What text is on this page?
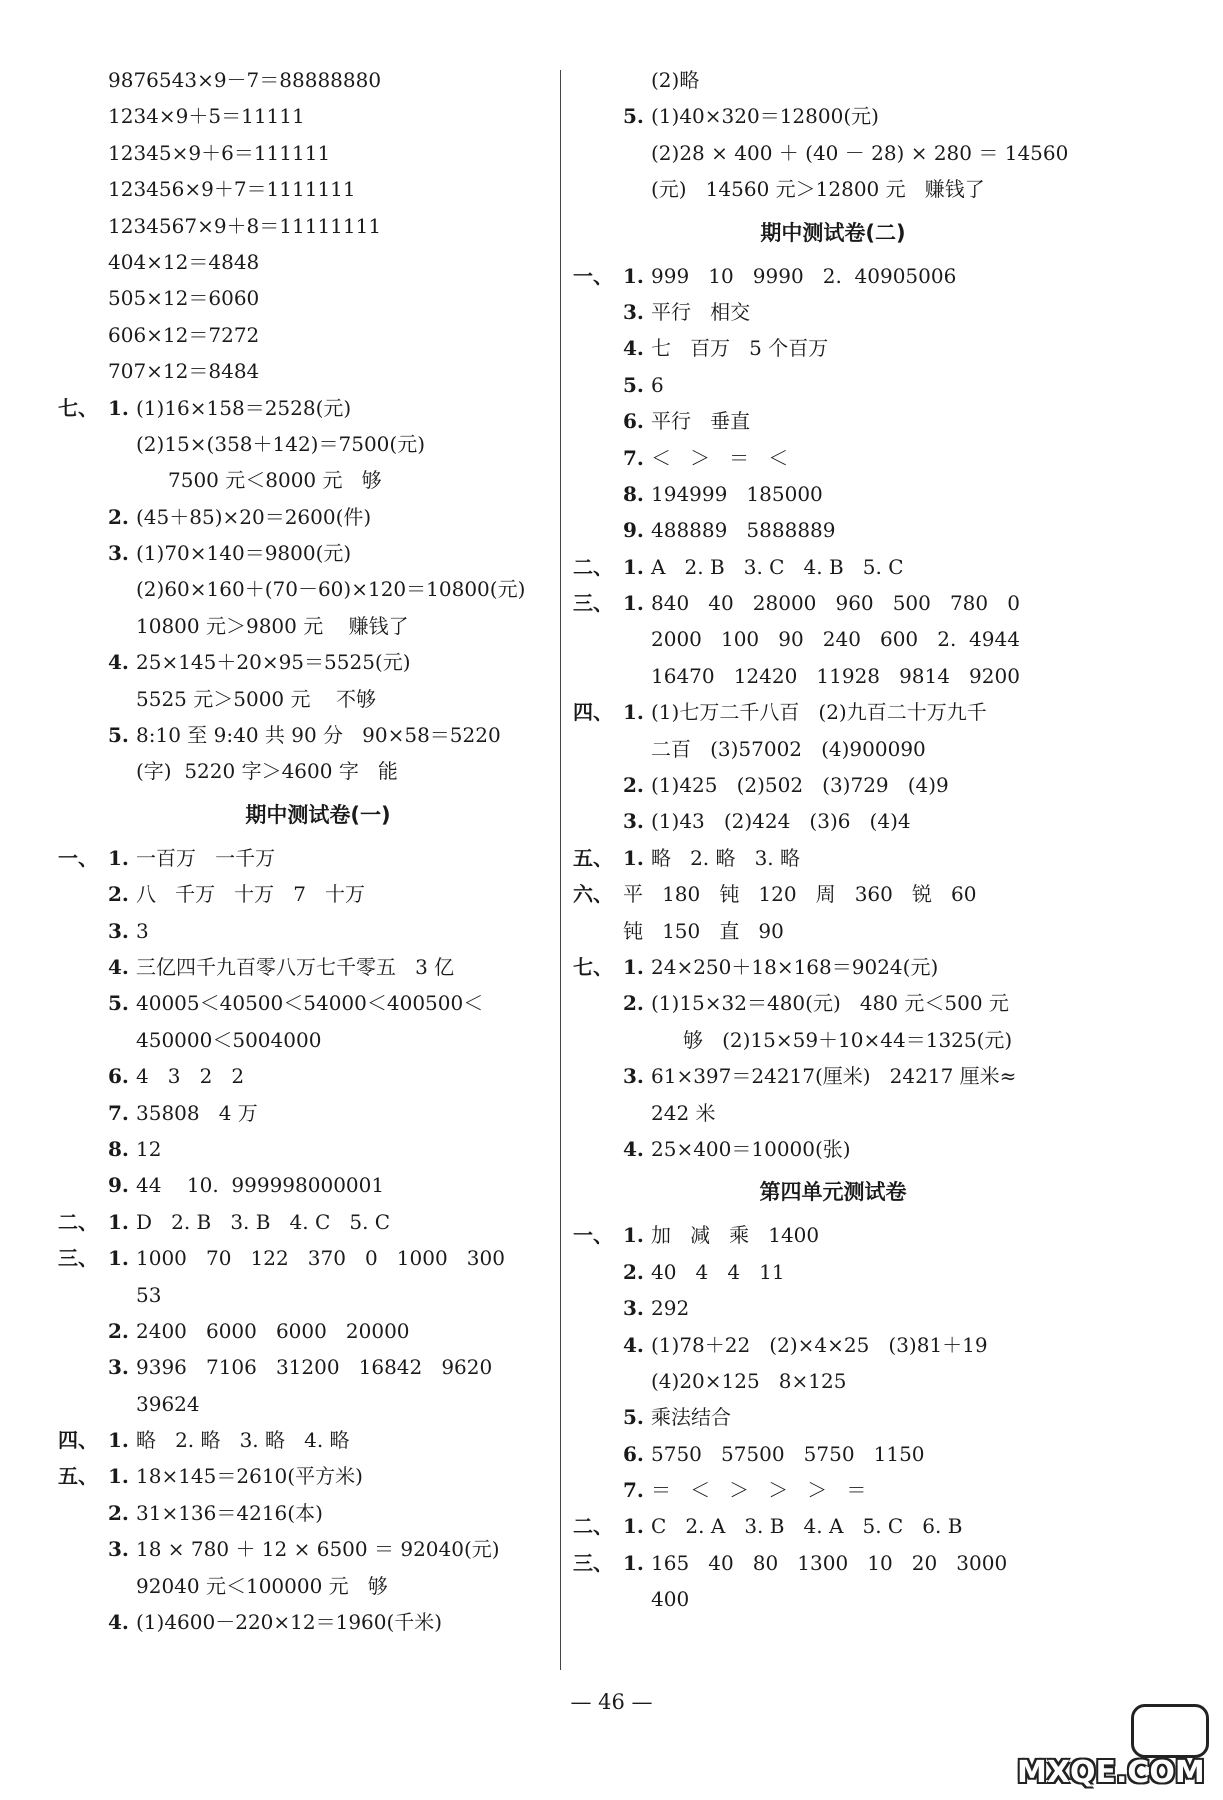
9876543×9－7＝88888880
1234×9＋5＝11111
12345×9＋6＝111111
123456×9＋7＝1111111
1234567×9＋8＝11111111
404×12＝4848
505×12＝6060
606×12＝7272
707×12＝8484
七、 1. (1)16×158＝2528(元)
(2)15×(358＋142)＝7500(元)
7500 元＜8000 元   够
2. (45＋85)×20＝2600(件)
3. (1)70×140＝9800(元)
(2)60×160＋(70－60)×120＝10800(元)
10800 元＞9800 元    赚钱了
4. 25×145＋20×95＝5525(元)
5525 元＞5000 元    不够
5. 8:10 至 9:40 共 90 分   90×58＝5220
(字)  5220 字＞4600 字   能
期中测试卷(一)
一、 1. 一百万   一千万
2. 八   千万   十万   7   十万
3. 3
4. 三亿四千九百零八万七千零五   3 亿
5. 40005＜40500＜54000＜400500＜
450000＜5004000
6. 4   3   2   2
7. 35808   4 万
8. 12
9. 44    10.  999998000001
二、 1. D   2. B   3. B   4. C   5. C
三、 1. 1000   70   122   370   0   1000   300
53
2. 2400   6000   6000   20000
3. 9396   7106   31200   16842   9620
39624
四、 1. 略   2. 略   3. 略   4. 略
五、 1. 18×145＝2610(平方米)
2. 31×136＝4216(本)
3. 18 × 780 ＋ 12 × 6500 ＝ 92040(元)
92040 元＜100000 元   够
4. (1)4600－220×12＝1960(千米)
(2)略
5. (1)40×320＝12800(元)
(2)28 × 400 ＋ (40 － 28) × 280 ＝ 14560
(元)   14560 元＞12800 元   赚钱了
期中测试卷(二)
一、 1. 999   10   9990   2.  40905006
3. 平行   相交
4. 七   百万   5 个百万
5. 6
6. 平行   垂直
7. ＜   ＞   ＝   ＜
8. 194999   185000
9. 488889   5888889
二、 1. A   2. B   3. C   4. B   5. C
三、 1. 840   40   28000   960   500   780   0
2000   100   90   240   600   2.  4944
16470   12420   11928   9814   9200
四、 1. (1)七万二千八百   (2)九百二十万九千
二百   (3)57002   (4)900090
2. (1)425   (2)502   (3)729   (4)9
3. (1)43   (2)424   (3)6   (4)4
五、 1. 略   2. 略   3. 略
六、 平   180   钝   120   周   360   锐   60
钝   150   直   90
七、 1. 24×250＋18×168＝9024(元)
2. (1)15×32＝480(元)   480 元＜500 元
够   (2)15×59＋10×44＝1325(元)
3. 61×397＝24217(厘米)   24217 厘米≈
242 米
4. 25×400＝10000(张)
第四单元测试卷
一、 1. 加   减   乘   1400
2. 40   4   4   11
3. 292
4. (1)78＋22   (2)×4×25   (3)81＋19
(4)20×125   8×125
5. 乘法结合
6. 5750   57500   5750   1150
7. ＝   ＜   ＞   ＞   ＞   ＝
二、 1. C   2. A   3. B   4. A   5. C   6. B
三、 1. 165   40   80   1300   10   20   3000
400
— 46 —
MXQE.COM
